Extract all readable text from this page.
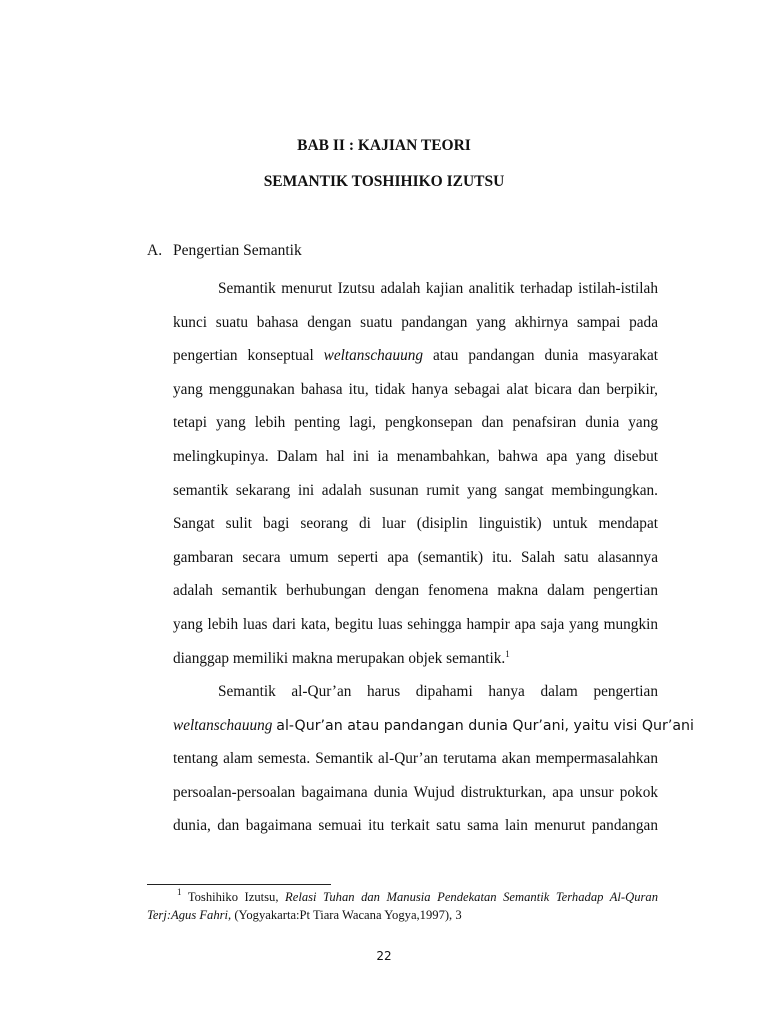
BAB II : KAJIAN TEORI
SEMANTIK TOSHIHIKO IZUTSU
A. Pengertian Semantik
Semantik menurut Izutsu adalah kajian analitik terhadap istilah-istilah
kunci suatu bahasa dengan suatu pandangan yang akhirnya sampai pada
pengertian konseptual weltanschauung atau pandangan dunia masyarakat
yang menggunakan bahasa itu, tidak hanya sebagai alat bicara dan berpikir,
tetapi yang lebih penting lagi, pengkonsepan dan penafsiran dunia yang
melingkupinya. Dalam hal ini ia menambahkan, bahwa apa yang disebut
semantik sekarang ini adalah susunan rumit yang sangat membingungkan.
Sangat sulit bagi seorang di luar (disiplin linguistik) untuk mendapat
gambaran secara umum seperti apa (semantik) itu. Salah satu alasannya
adalah semantik berhubungan dengan fenomena makna dalam pengertian
yang lebih luas dari kata, begitu luas sehingga hampir apa saja yang mungkin
dianggap memiliki makna merupakan objek semantik.$^1$
Semantik   al-Qur’an   harus   dipahami   hanya   dalam   pengertian
weltanschauung al-Qur’an atau pandangan dunia Qur’ani, yaitu visi Qur’ani
tentang alam semesta. Semantik al-Qur’an terutama akan mempermasalahkan
persoalan-persoalan bagaimana dunia Wujud distrukturkan, apa unsur pokok
dunia, dan bagaimana semuai itu terkait satu sama lain menurut pandangan
$^1$ Toshihiko Izutsu, Relasi Tuhan dan Manusia Pendekatan Semantik Terhadap Al-Quran
Terj:Agus Fahri, (Yogyakarta:Pt Tiara Wacana Yogya,1997), 3
22
